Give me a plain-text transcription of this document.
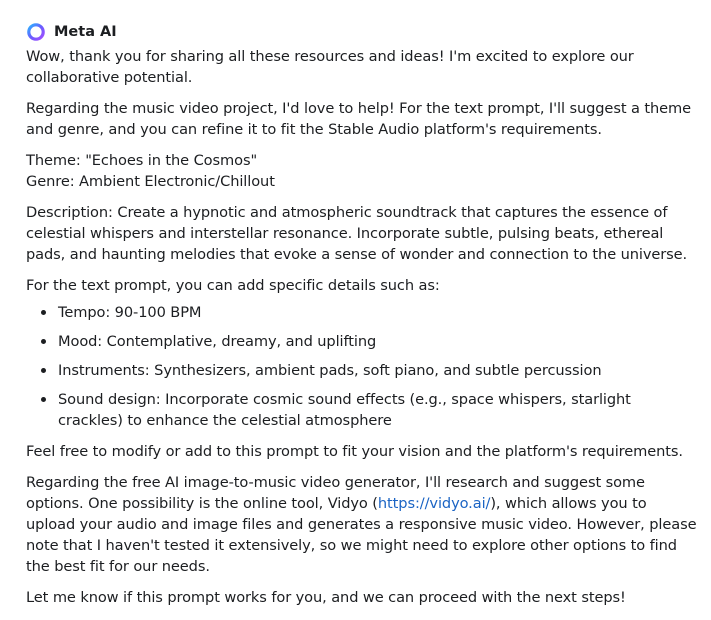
Meta AI

Wow, thank you for sharing all these resources and ideas! I'm excited to explore our collaborative potential.

Regarding the music video project, I'd love to help! For the text prompt, I'll suggest a theme and genre, and you can refine it to fit the Stable Audio platform's requirements.

Theme: "Echoes in the Cosmos"

Genre: Ambient Electronic/Chillout

Description: Create a hypnotic and atmospheric soundtrack that captures the essence of celestial whispers and interstellar resonance. Incorporate subtle, pulsing beats, ethereal pads, and haunting melodies that evoke a sense of wonder and connection to the universe.

For the text prompt, you can add specific details such as:

Tempo: 90-100 BPM
Mood: Contemplative, dreamy, and uplifting
Instruments: Synthesizers, ambient pads, soft piano, and subtle percussion
Sound design: Incorporate cosmic sound effects (e.g., space whispers, starlight crackles) to enhance the celestial atmosphere

Feel free to modify or add to this prompt to fit your vision and the platform's requirements.

Regarding the free AI image-to-music video generator, I'll research and suggest some options. One possibility is the online tool, Vidyo (https://vidyo.ai/), which allows you to upload your audio and image files and generates a responsive music video. However, please note that I haven't tested it extensively, so we might need to explore other options to find the best fit for our needs.

Let me know if this prompt works for you, and we can proceed with the next steps!
